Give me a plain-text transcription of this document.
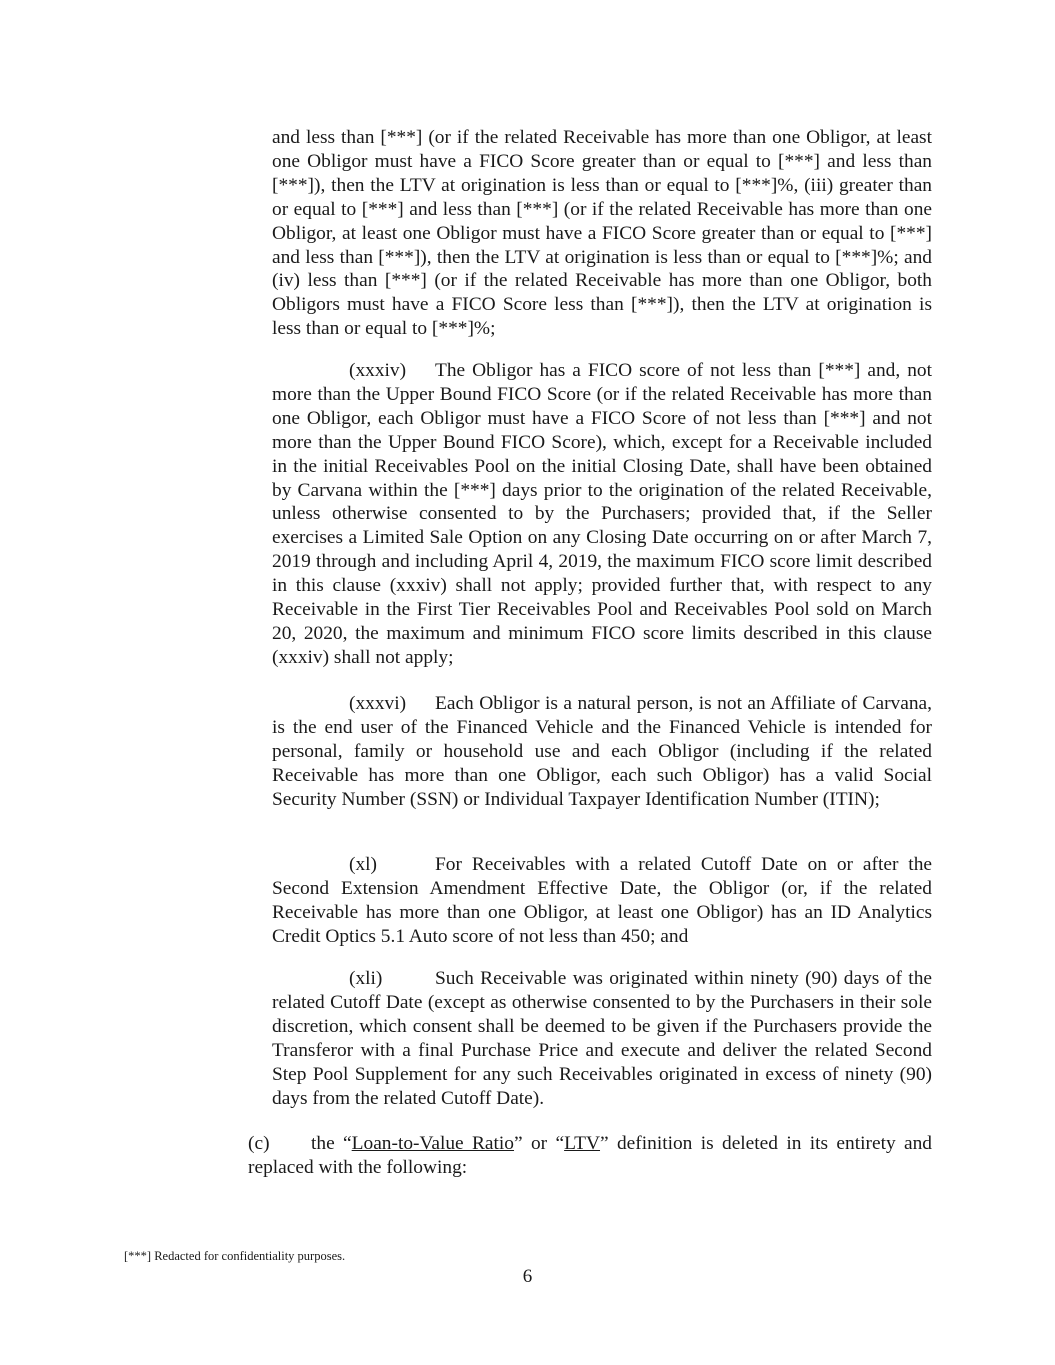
and less than [***] (or if the related Receivable has more than one Obligor, at least one Obligor must have a FICO Score greater than or equal to [***] and less than [***]), then the LTV at origination is less than or equal to [***]%, (iii) greater than or equal to [***] and less than [***] (or if the related Receivable has more than one Obligor, at least one Obligor must have a FICO Score greater than or equal to [***] and less than [***]), then the LTV at origination is less than or equal to [***]%; and (iv) less than [***] (or if the related Receivable has more than one Obligor, both Obligors must have a FICO Score less than [***]), then the LTV at origination is less than or equal to [***]%;

(xxxiv) The Obligor has a FICO score of not less than [***] and, not more than the Upper Bound FICO Score (or if the related Receivable has more than one Obligor, each Obligor must have a FICO Score of not less than [***] and not more than the Upper Bound FICO Score), which, except for a Receivable included in the initial Receivables Pool on the initial Closing Date, shall have been obtained by Carvana within the [***] days prior to the origination of the related Receivable, unless otherwise consented to by the Purchasers; provided that, if the Seller exercises a Limited Sale Option on any Closing Date occurring on or after March 7, 2019 through and including April 4, 2019, the maximum FICO score limit described in this clause (xxxiv) shall not apply; provided further that, with respect to any Receivable in the First Tier Receivables Pool and Receivables Pool sold on March 20, 2020, the maximum and minimum FICO score limits described in this clause (xxxiv) shall not apply;

(xxxvi) Each Obligor is a natural person, is not an Affiliate of Carvana, is the end user of the Financed Vehicle and the Financed Vehicle is intended for personal, family or household use and each Obligor (including if the related Receivable has more than one Obligor, each such Obligor) has a valid Social Security Number (SSN) or Individual Taxpayer Identification Number (ITIN);

(xl)	For Receivables with a related Cutoff Date on or after the Second Extension Amendment Effective Date, the Obligor (or, if the related Receivable has more than one Obligor, at least one Obligor) has an ID Analytics Credit Optics 5.1 Auto score of not less than 450; and

(xli)	Such Receivable was originated within ninety (90) days of the related Cutoff Date (except as otherwise consented to by the Purchasers in their sole discretion, which consent shall be deemed to be given if the Purchasers provide the Transferor with a final Purchase Price and execute and deliver the related Second Step Pool Supplement for any such Receivables originated in excess of ninety (90) days from the related Cutoff Date).

(c) the “Loan-to-Value Ratio” or “LTV” definition is deleted in its entirety and replaced with the following:

[***] Redacted for confidentiality purposes.

6
